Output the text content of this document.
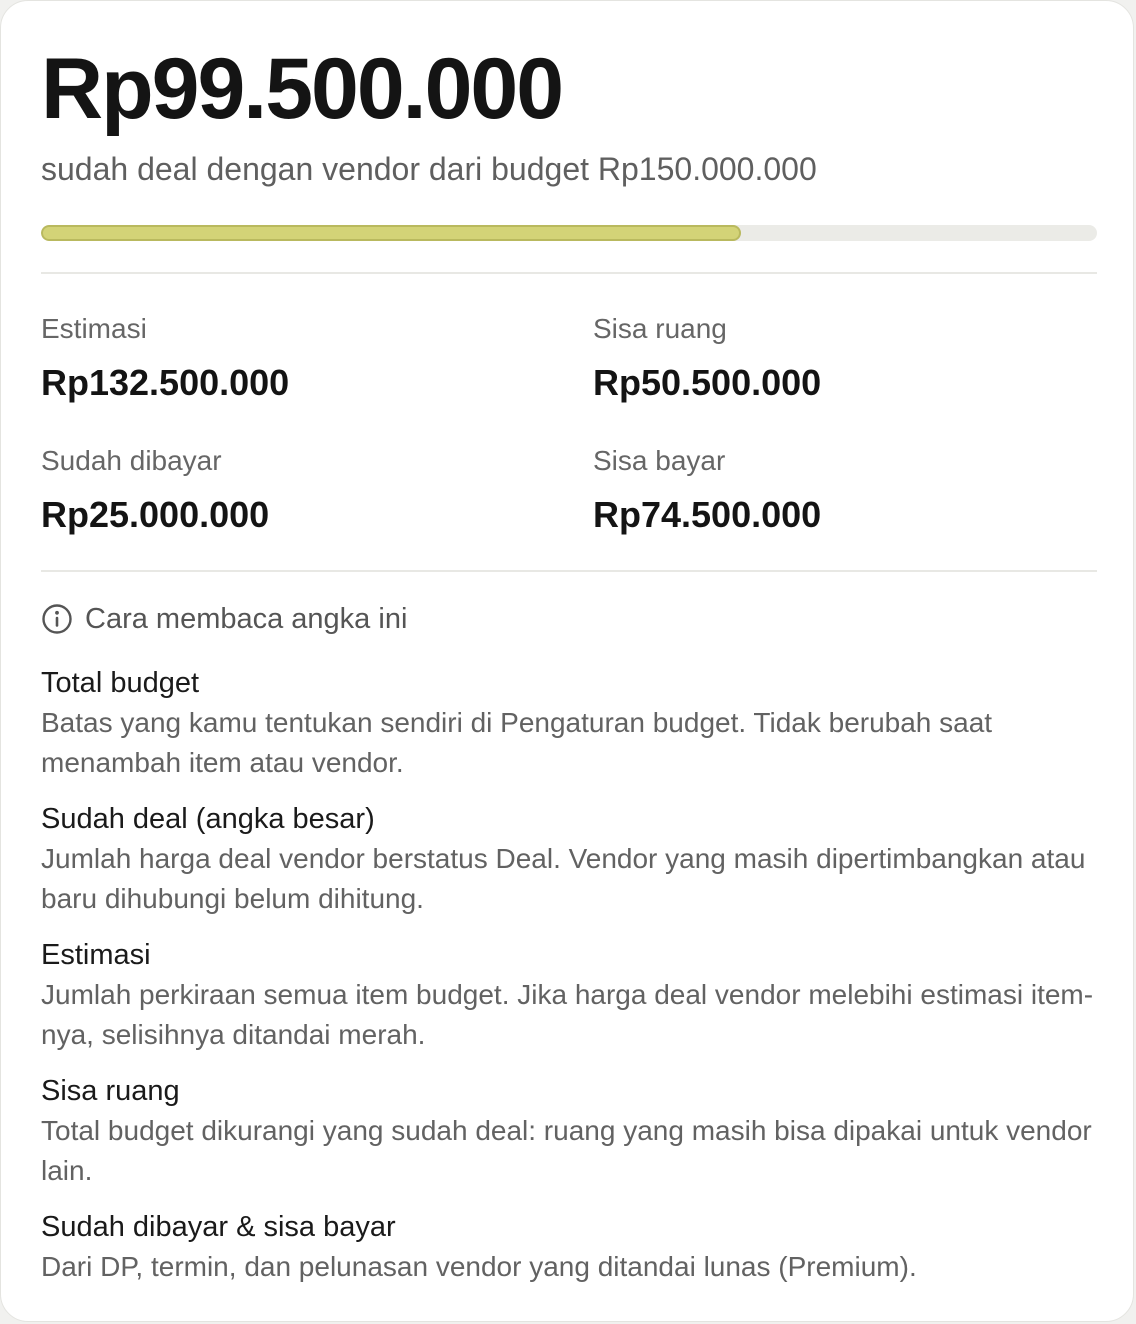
Rp99.500.000
sudah deal dengan vendor dari budget Rp150.000.000
Estimasi
Rp132.500.000
Sisa ruang
Rp50.500.000
Sudah dibayar
Rp25.000.000
Sisa bayar
Rp74.500.000
Cara membaca angka ini
Total budget
Batas yang kamu tentukan sendiri di Pengaturan budget. Tidak berubah saat menambah item atau vendor.
Sudah deal (angka besar)
Jumlah harga deal vendor berstatus Deal. Vendor yang masih dipertimbangkan atau baru dihubungi belum dihitung.
Estimasi
Jumlah perkiraan semua item budget. Jika harga deal vendor melebihi estimasi item-nya, selisihnya ditandai merah.
Sisa ruang
Total budget dikurangi yang sudah deal: ruang yang masih bisa dipakai untuk vendor lain.
Sudah dibayar & sisa bayar
Dari DP, termin, dan pelunasan vendor yang ditandai lunas (Premium).
